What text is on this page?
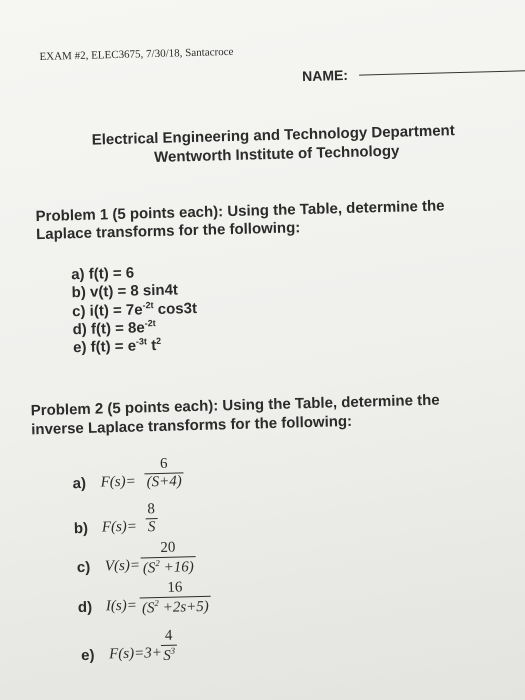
EXAM #2, ELEC3675, 7/30/18, Santacroce
NAME:
Electrical Engineering and Technology Department
Wentworth Institute of Technology
Problem 1 (5 points each): Using the Table, determine the
Laplace transforms for the following:
a) f(t) = 6
b) v(t) = 8 sin4t
c) $i(t) = 7e^{-2t}$ cos3t
d) $f(t) = 8e^{-2t}$
e) $f(t) = e^{-3t}$ $t^2$
Problem 2 (5 points each): Using the Table, determine the
inverse Laplace transforms for the following:
a) $F(s)= \frac{6}{(S+4)}$
b) $F(s)= \frac{8}{S}$
c) $V(s)= \frac{20}{(S^2 +16)}$
d) $I(s)= \frac{16}{(S^2 +2s+5)}$
e) F(s)=3+
$\frac{4}{S^3}$
